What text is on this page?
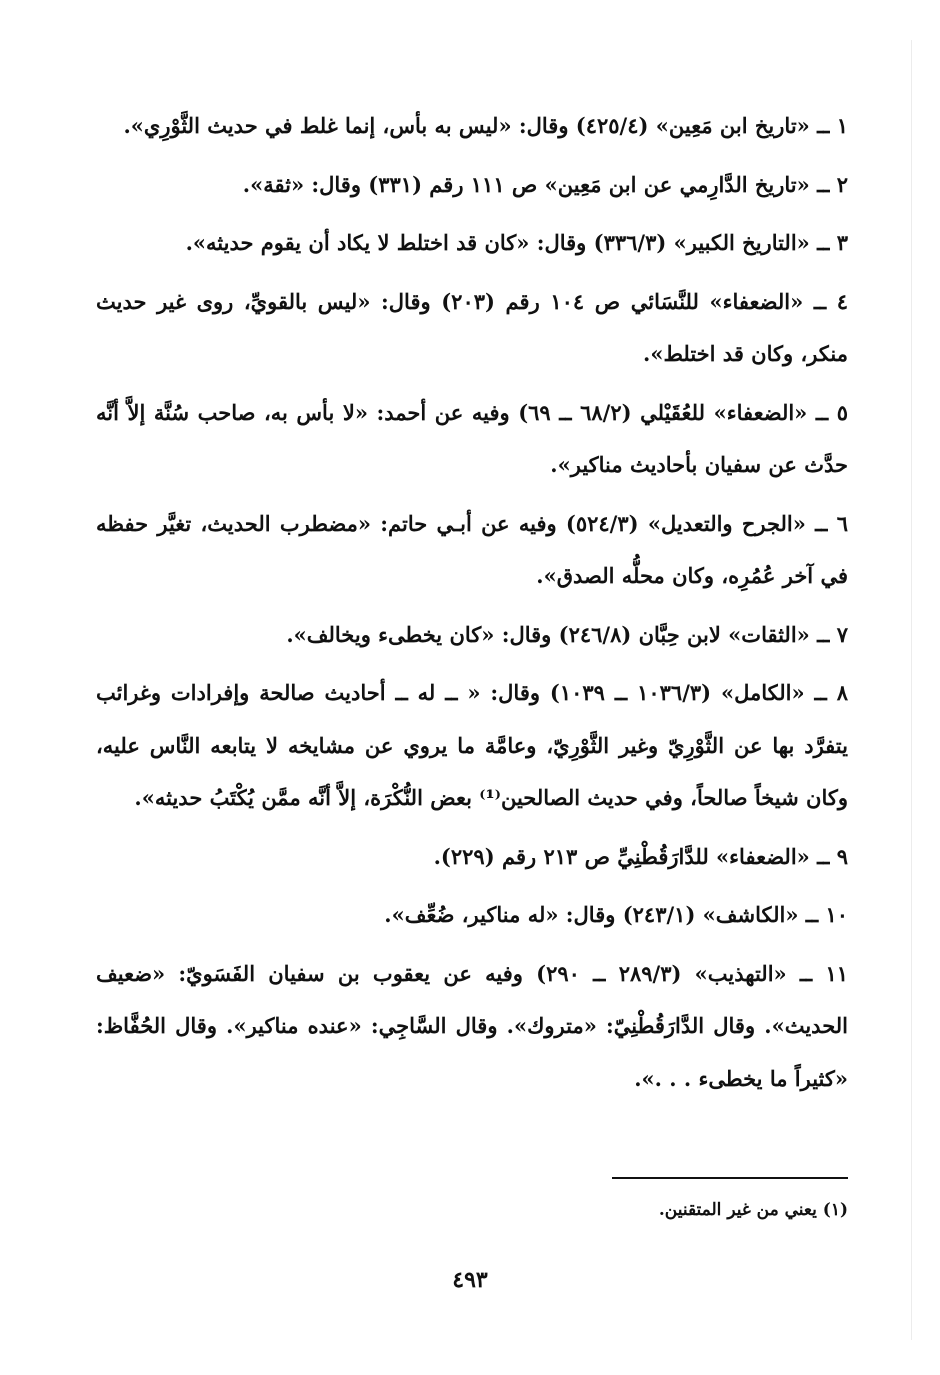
١ ــ «تاريخ ابن مَعِين» (٤٢٥/٤) وقال: «ليس به بأس، إنما غلط في حديث الثَّوْرِي».

٢ ــ «تاريخ الدَّارِمي عن ابن مَعِين» ص ١١١ رقم (٣٣١) وقال: «ثقة».

٣ ــ «التاريخ الكبير» (٣٣٦/٣) وقال: «كان قد اختلط لا يكاد أن يقوم حديثه».

٤ ــ «الضعفاء» للنَّسَائي ص ١٠٤ رقم (٢٠٣) وقال: «ليس بالقويِّ، روى غير حديث منكر، وكان قد اختلط».

٥ ــ «الضعفاء» للعُقَيْلي (٦٨/٢ ــ ٦٩) وفيه عن أحمد: «لا بأس به، صاحب سُنَّة إلاَّ أنَّه حدَّث عن سفيان بأحاديث مناكير».

٦ ــ «الجرح والتعديل» (٥٢٤/٣) وفيه عن أبـي حاتم: «مضطرب الحديث، تغيَّر حفظه في آخر عُمُرِه، وكان محلُّه الصدق».

٧ ــ «الثقات» لابن حِبَّان (٢٤٦/٨) وقال: «كان يخطىء ويخالف».

٨ ــ «الكامل» (١٠٣٦/٣ ــ ١٠٣٩) وقال: « ــ له ــ أحاديث صالحة وإفرادات وغرائب يتفرَّد بها عن الثَّوْرِيّ وغير الثَّوْرِيّ، وعامَّة ما يروي عن مشايخه لا يتابعه النَّاس عليه، وكان شيخاً صالحاً، وفي حديث الصالحين⁽¹⁾ بعض النُّكْرَة، إلاَّ أنَّه ممَّن يُكْتَبُ حديثه».

٩ ــ «الضعفاء» للدَّارَقُطْنِيِّ ص ٢١٣ رقم (٢٢٩).

١٠ ــ «الكاشف» (٢٤٣/١) وقال: «له مناكير، ضُعِّف».

١١ ــ «التهذيب» (٢٨٩/٣ ــ ٢٩٠) وفيه عن يعقوب بن سفيان الفَسَويّ: «ضعيف الحديث». وقال الدَّارَقُطْنِيّ: «متروك». وقال السَّاجِي: «عنده مناكير». وقال الحُفَّاظ: «كثيراً ما يخطىء . . .».

(١) يعني من غير المتقنين.
٤٩٣
